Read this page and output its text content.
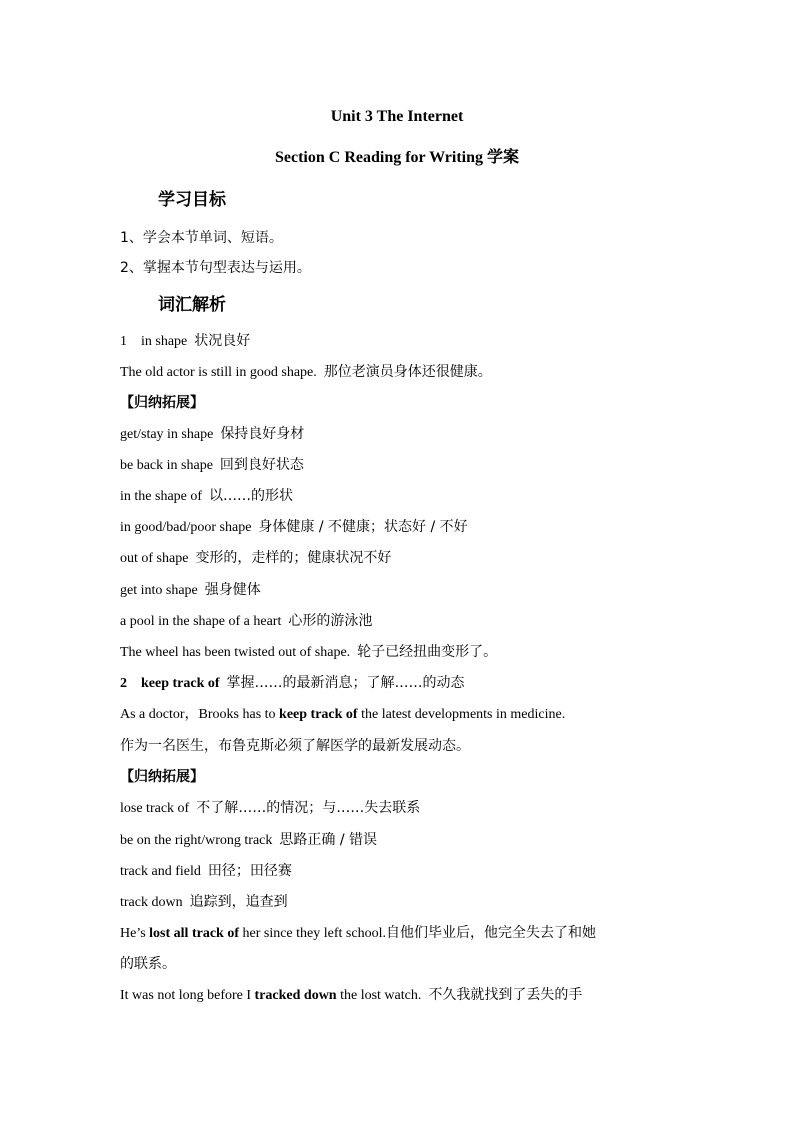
Unit 3 The Internet
Section C Reading for Writing 学案
学习目标
1、学会本节单词、短语。
2、掌握本节句型表达与运用。
词汇解析
1 in shape 状况良好
The old actor is still in good shape. 那位老演员身体还很健康。
【归纳拓展】
get/stay in shape 保持良好身材
be back in shape 回到良好状态
in the shape of 以……的形状
in good/bad/poor shape 身体健康 / 不健康；状态好 / 不好
out of shape 变形的，走样的；健康状况不好
get into shape 强身健体
a pool in the shape of a heart 心形的游泳池
The wheel has been twisted out of shape. 轮子已经扭曲变形了。
2 keep track of 掌握……的最新消息；了解……的动态
As a doctor，Brooks has to keep track of the latest developments in medicine.
作为一名医生，布鲁克斯必须了解医学的最新发展动态。
【归纳拓展】
lose track of 不了解……的情况；与……失去联系
be on the right/wrong track 思路正确 / 错误
track and field 田径；田径赛
track down 追踪到，追查到
He’s lost all track of her since they left school.自他们毕业后，他完全失去了和她
的联系。
It was not long before I tracked down the lost watch. 不久我就找到了丢失的手
